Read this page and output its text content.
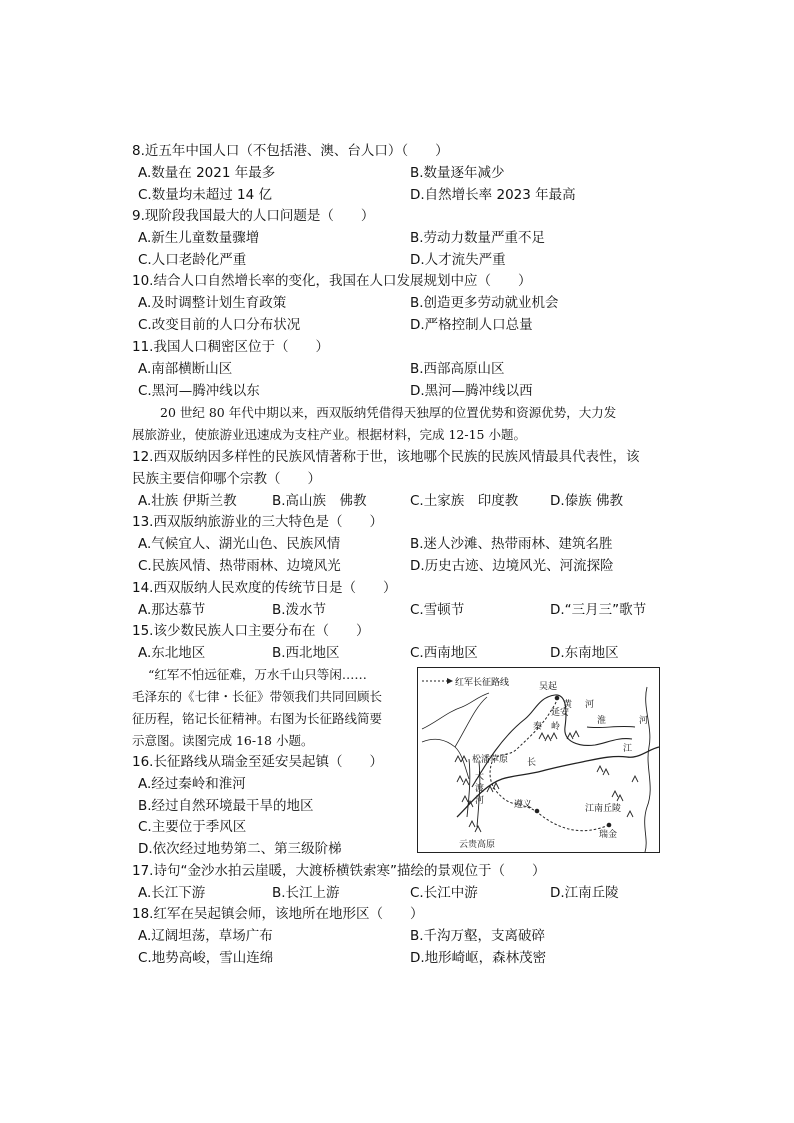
8.近五年中国人口（不包括港、澳、台人口）（　　）
A.数量在 2021 年最多	B.数量逐年减少
C.数量均未超过 14 亿	D.自然增长率 2023 年最高
9.现阶段我国最大的人口问题是（　　）
A.新生儿童数量骤增	B.劳动力数量严重不足
C.人口老龄化严重	D.人才流失严重
10.结合人口自然增长率的变化，我国在人口发展规划中应（　　）
A.及时调整计划生育政策	B.创造更多劳动就业机会
C.改变目前的人口分布状况	D.严格控制人口总量
11.我国人口稠密区位于（　　）
A.南部横断山区	B.西部高原山区
C.黑河—腾冲线以东	D.黑河—腾冲线以西
20 世纪 80 年代中期以来，西双版纳凭借得天独厚的位置优势和资源优势，大力发
展旅游业，使旅游业迅速成为支柱产业。根据材料，完成 12-15 小题。
12.西双版纳因多样性的民族风情著称于世，该地哪个民族的民族风情最具代表性，该
民族主要信仰哪个宗教（　　）
A.壮族 伊斯兰教	B.高山族　佛教	C.土家族　印度教 D.傣族 佛教
13.西双版纳旅游业的三大特色是（　　）
A.气候宜人、湖光山色、民族风情	B.迷人沙滩、热带雨林、建筑名胜
C.民族风情、热带雨林、边境风光	D.历史古迹、边境风光、河流探险
14.西双版纳人民欢度的传统节日是（　　）
A.那达慕节	B.泼水节	C.雪顿节	D.“三月三”歌节
15.该少数民族人口主要分布在（　　）
A.东北地区	B.西北地区	C.西南地区	D.东南地区
“红军不怕远征难，万水千山只等闲……
毛泽东的《七律・长征》带领我们共同回顾长
征历程，铭记长征精神。右图为长征路线简要
示意图。读图完成 16-18 小题。
16.长征路线从瑞金至延安吴起镇（　　）
A.经过秦岭和淮河
B.经过自然环境最干旱的地区
C.主要位于季风区
D.依次经过地势第二、第三级阶梯
17.诗句“金沙水拍云崖暖，大渡桥横铁索寒”描绘的景观位于（　　）
A.长江下游	B.长江上游	C.长江中游	D.江南丘陵
18.红军在吴起镇会师，该地所在地形区（　　）
A.辽阔坦荡，草场广布	B.千沟万壑，支离破碎
C.地势高峻，雪山连绵	D.地形崎岖，森林茂密
红军长征路线	吴起
延安
黄 河
秦 岭
淮	河
松潘草原
大
渡
河
长
江
遵义	江南丘陵
瑞金
云贵高原
